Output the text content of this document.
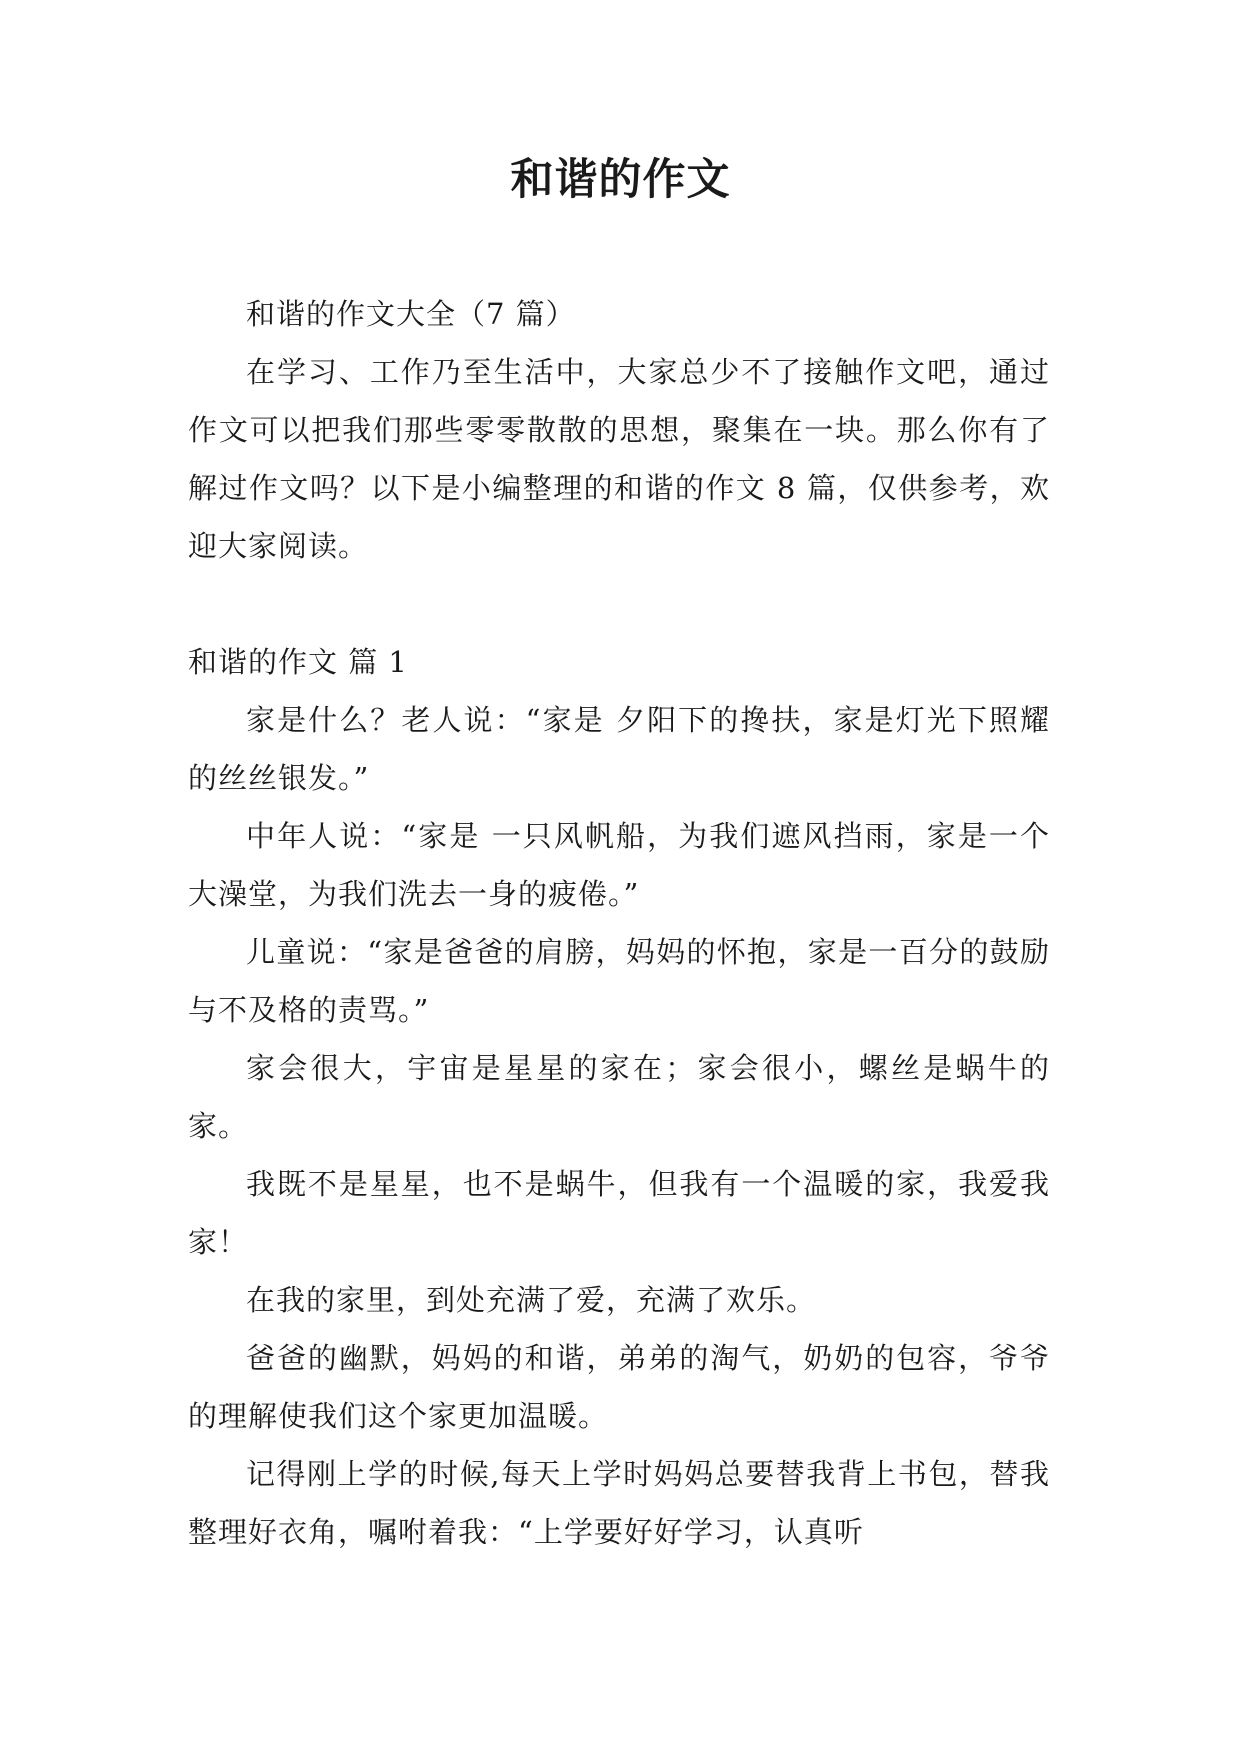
和谐的作文

和谐的作文大全（7 篇）

在学习、工作乃至生活中，大家总少不了接触作文吧，通过作文可以把我们那些零零散散的思想，聚集在一块。那么你有了解过作文吗？以下是小编整理的和谐的作文 8 篇，仅供参考，欢迎大家阅读。

和谐的作文 篇 1

家是什么？老人说：“家是 夕阳下的搀扶，家是灯光下照耀的丝丝银发。”

中年人说：“家是 一只风帆船，为我们遮风挡雨，家是一个大澡堂，为我们洗去一身的疲倦。”

儿童说：“家是爸爸的肩膀，妈妈的怀抱，家是一百分的鼓励与不及格的责骂。”

家会很大，宇宙是星星的家在；家会很小，螺丝是蜗牛的家。

我既不是星星，也不是蜗牛，但我有一个温暖的家，我爱我家！

在我的家里，到处充满了爱，充满了欢乐。

爸爸的幽默，妈妈的和谐，弟弟的淘气，奶奶的包容，爷爷的理解使我们这个家更加温暖。

记得刚上学的时候,每天上学时妈妈总要替我背上书包，替我整理好衣角，嘱咐着我：“上学要好好学习，认真听
